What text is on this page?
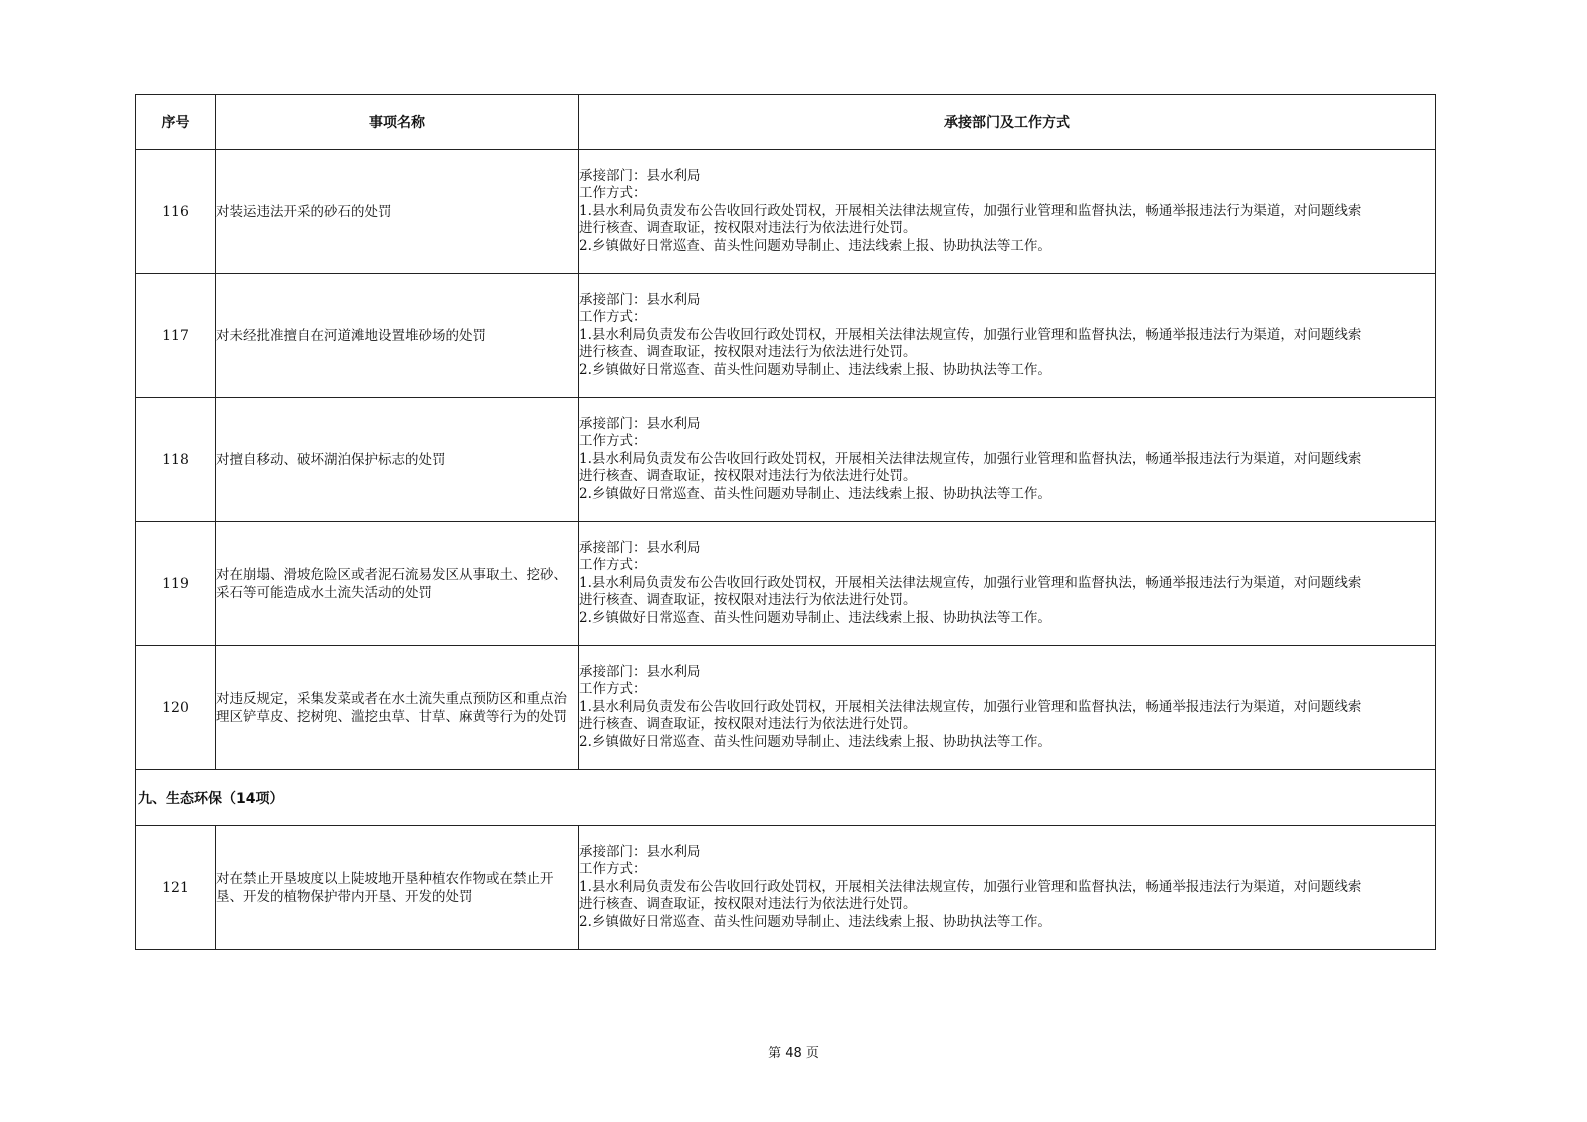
序号	事项名称	承接部门及工作方式
116	对装运违法开采的砂石的处罚	承接部门：县水利局
工作方式：
1.县水利局负责发布公告收回行政处罚权，开展相关法律法规宣传，加强行业管理和监督执法，畅通举报违法行为渠道，对问题线索
进行核查、调查取证，按权限对违法行为依法进行处罚。
2.乡镇做好日常巡查、苗头性问题劝导制止、违法线索上报、协助执法等工作。

117	对未经批准擅自在河道滩地设置堆砂场的处罚	承接部门：县水利局
工作方式：
1.县水利局负责发布公告收回行政处罚权，开展相关法律法规宣传，加强行业管理和监督执法，畅通举报违法行为渠道，对问题线索
进行核查、调查取证，按权限对违法行为依法进行处罚。
2.乡镇做好日常巡查、苗头性问题劝导制止、违法线索上报、协助执法等工作。

118	对擅自移动、破坏湖泊保护标志的处罚	承接部门：县水利局
工作方式：
1.县水利局负责发布公告收回行政处罚权，开展相关法律法规宣传，加强行业管理和监督执法，畅通举报违法行为渠道，对问题线索
进行核查、调查取证，按权限对违法行为依法进行处罚。
2.乡镇做好日常巡查、苗头性问题劝导制止、违法线索上报、协助执法等工作。

119	对在崩塌、滑坡危险区或者泥石流易发区从事取土、挖砂、采石等可能造成水土流失活动的处罚	承接部门：县水利局
工作方式：
1.县水利局负责发布公告收回行政处罚权，开展相关法律法规宣传，加强行业管理和监督执法，畅通举报违法行为渠道，对问题线索
进行核查、调查取证，按权限对违法行为依法进行处罚。
2.乡镇做好日常巡查、苗头性问题劝导制止、违法线索上报、协助执法等工作。

120	对违反规定，采集发菜或者在水土流失重点预防区和重点治理区铲草皮、挖树兜、滥挖虫草、甘草、麻黄等行为的处罚	承接部门：县水利局
工作方式：
1.县水利局负责发布公告收回行政处罚权，开展相关法律法规宣传，加强行业管理和监督执法，畅通举报违法行为渠道，对问题线索
进行核查、调查取证，按权限对违法行为依法进行处罚。
2.乡镇做好日常巡查、苗头性问题劝导制止、违法线索上报、协助执法等工作。

九、生态环保（14项）		
121	对在禁止开垦坡度以上陡坡地开垦种植农作物或在禁止开垦、开发的植物保护带内开垦、开发的处罚	承接部门：县水利局
工作方式：
1.县水利局负责发布公告收回行政处罚权，开展相关法律法规宣传，加强行业管理和监督执法，畅通举报违法行为渠道，对问题线索
进行核查、调查取证，按权限对违法行为依法进行处罚。
2.乡镇做好日常巡查、苗头性问题劝导制止、违法线索上报、协助执法等工作。
第 48 页
